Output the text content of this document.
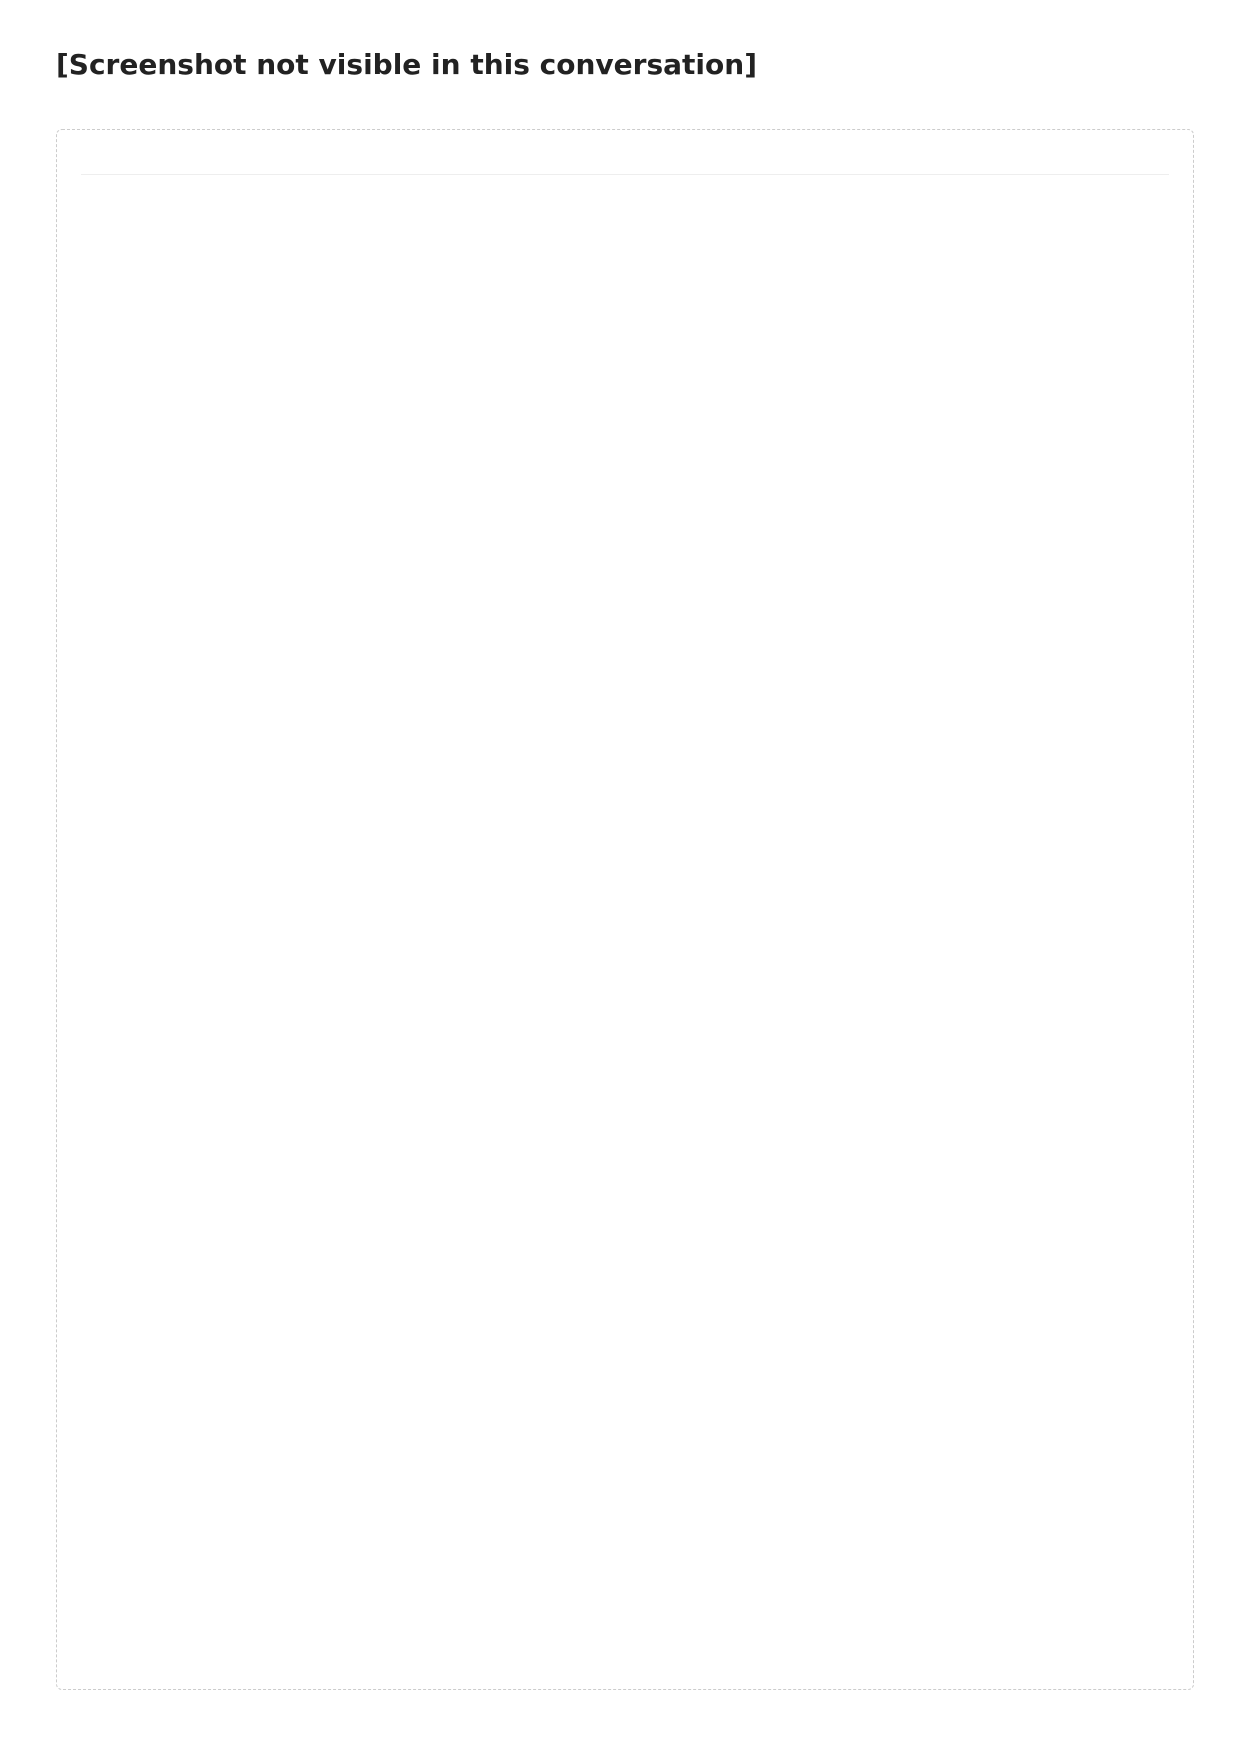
[Screenshot not visible in this conversation]
